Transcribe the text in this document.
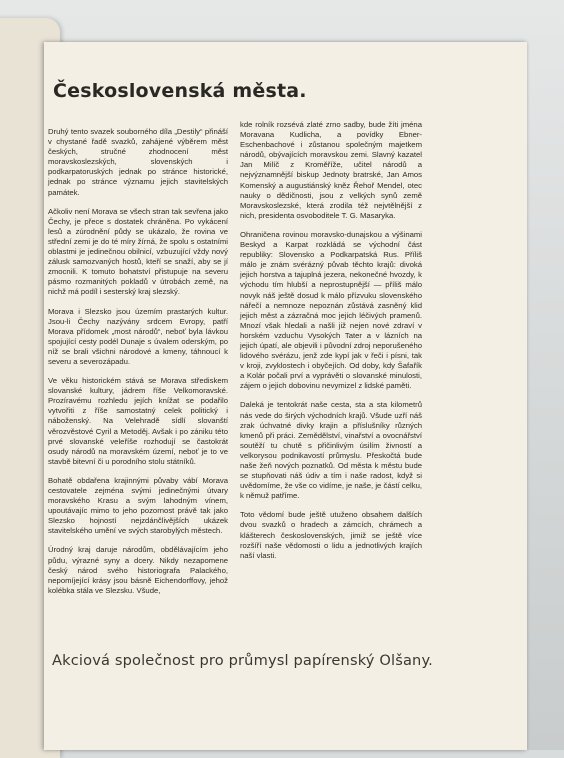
Československá města.

Druhý tento svazek souborného díla „Destily“ přináší v chystané řadě svazků, zahájené výběrem měst českých, stručné zhodnocení měst moravskoslezských, slovenských i podkarpatoruských jednak po stránce historické, jednak po stránce významu jejich stavitelských památek.

Ačkoliv není Morava se všech stran tak sevřena jako Čechy, je přece s dostatek chráněna. Po vykácení lesů a zúrodnění půdy se ukázalo, že rovina ve střední zemi je do té míry žírná, že spolu s ostatními oblastmi je jedinečnou obilnicí, vzbuzující vždy nový zálusk samozvaných hostů, kteří se snaží, aby se jí zmocnili. K tomuto bohatství přistupuje na severu pásmo rozmanitých pokladů v útrobách země, na nichž má podíl i sesterský kraj slezský.

Morava i Slezsko jsou územím prastarých kultur. Jsou-li Čechy nazývány srdcem Evropy, patří Morava přídomek „most národů“, neboť byla lávkou spojující cesty podél Dunaje s úvalem oderským, po níž se brali všichni národové a kmeny, táhnoucí k severu a severozápadu.

Ve věku historickém stává se Morava střediskem slovanské kultury, jádrem říše Velkomoravské. Prozíravému rozhledu jejích knížat se podařilo vytvořiti z říše samostatný celek politický i náboženský. Na Velehradě sídlí slovanští věrozvěstové Cyril a Metoděj. Avšak i po zániku této prvé slovanské veleříše rozhodují se častokrát osudy národů na moravském území, neboť je to ve stavbě bitevní či u porodního stolu státníků.

Bohatě obdařena krajinnými půvaby vábí Morava cestovatele zejména svými jedinečnými útvary moravského Krasu a svým lahodným vínem, upoutávajíc mimo to jeho pozornost právě tak jako Slezsko hojností nejzdánčlivějších ukázek stavitelského umění ve svých starobylých městech.

Úrodný kraj daruje národům, obdělávajícím jeho půdu, výrazné syny a dcery. Nikdy nezapomene český národ svého historiografa Palackého, nepomíjející krásy jsou básně Eichendorffovy, jehož kolébka stála ve Slezsku. Všude,

kde rolník rozsévá zlaté zrno sadby, bude žíti jména Moravana Kudlicha, a povídky Ebner-Eschenbachové i zůstanou společným majetkem národů, obývajících moravskou zemi. Slavný kazatel Jan Milíč z Kroměříže, učitel národů a nejvýznamnější biskup Jednoty bratrské, Jan Amos Komenský a augustiánský kněz Řehoř Mendel, otec nauky o dědičnosti, jsou z velkých synů země Moravskoslezské, která zrodila též nejvtělnější z nich, presidenta osvoboditele T. G. Masaryka.

Ohraničena rovinou moravsko-dunajskou a výšinami Beskyd a Karpat rozkládá se východní část republiky: Slovensko a Podkarpatská Rus. Příliš málo je znám svérázný půvab těchto krajů: divoká jejich horstva a tajuplná jezera, nekonečné hvozdy, k východu tím hlubší a neprostupnější — příliš málo novyk náš ještě dosud k málo přízvuku slovenského nářečí a nemnoze nepoznán zůstává zasněný klid jejich měst a zázračná moc jejich léčivých pramenů. Mnozí však hledali a našli již nejen nové zdraví v horském vzduchu Vysokých Tater a v lázních na jejich úpatí, ale objevili i původní zdroj neporušeného lidového svérázu, jenž zde kypí jak v řeči i písni, tak v kroji, zvyklostech i obyčejích. Od doby, kdy Šafařík a Kolár počali prví a vyprávěti o slovanské minulosti, zájem o jejich dobovinu nevymizel z lidské paměti.

Daleká je tentokrát naše cesta, sta a sta kilometrů nás vede do širých východních krajů. Všude uzří náš zrak úchvatné divky krajin a příslušníky různých kmenů při práci. Zemědělství, vinařství a ovocnářství soutěží tu chutě s přičinlivým úsilím živností a velkorysou podnikavostí průmyslu. Přeskočtá bude naše žeň nových poznatků. Od města k městu bude se stupňovati náš údiv a tím i naše radost, když si uvědomíme, že vše co vidíme, je naše, je částí celku, k němuž patříme.

Toto vědomí bude ještě utuženo obsahem dalších dvou svazků o hradech a zámcích, chrámech a klášterech československých, jimiž se ještě více rozšíří naše vědomosti o lidu a jednotlivých krajích naší vlasti.

Akciová společnost pro průmysl papírenský Olšany.
